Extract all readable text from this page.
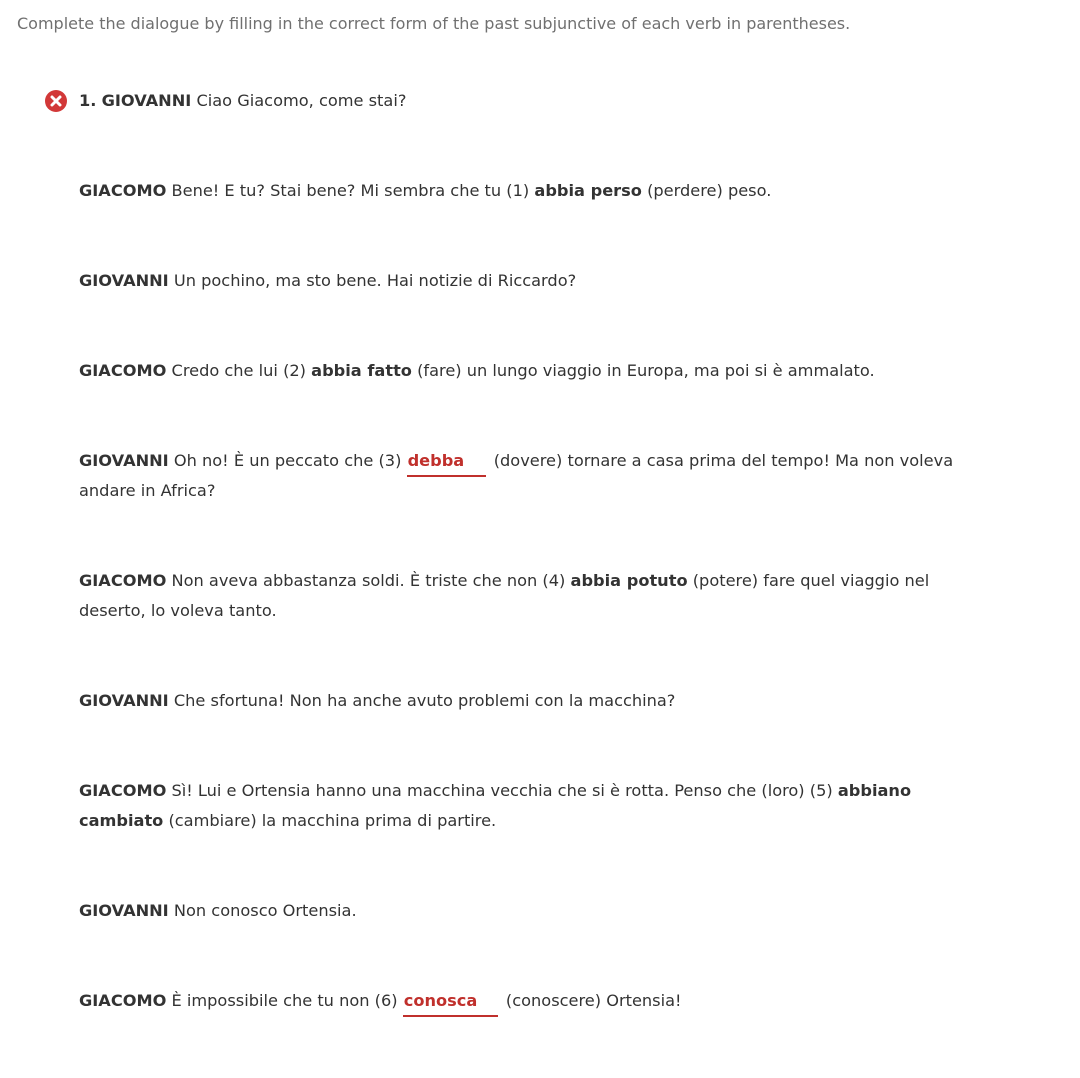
Complete the dialogue by filling in the correct form of the past subjunctive of each verb in parentheses.

1. GIOVANNI Ciao Giacomo, come stai?

GIACOMO Bene! E tu? Stai bene? Mi sembra che tu (1) abbia perso (perdere) peso.

GIOVANNI Un pochino, ma sto bene. Hai notizie di Riccardo?

GIACOMO Credo che lui (2) abbia fatto (fare) un lungo viaggio in Europa, ma poi si è ammalato.

GIOVANNI Oh no! È un peccato che (3) debba (dovere) tornare a casa prima del tempo! Ma non voleva andare in Africa?

GIACOMO Non aveva abbastanza soldi. È triste che non (4) abbia potuto (potere) fare quel viaggio nel deserto, lo voleva tanto.

GIOVANNI Che sfortuna! Non ha anche avuto problemi con la macchina?

GIACOMO Sì! Lui e Ortensia hanno una macchina vecchia che si è rotta. Penso che (loro) (5) abbiano cambiato (cambiare) la macchina prima di partire.

GIOVANNI Non conosco Ortensia.

GIACOMO È impossibile che tu non (6) conosca (conoscere) Ortensia!
